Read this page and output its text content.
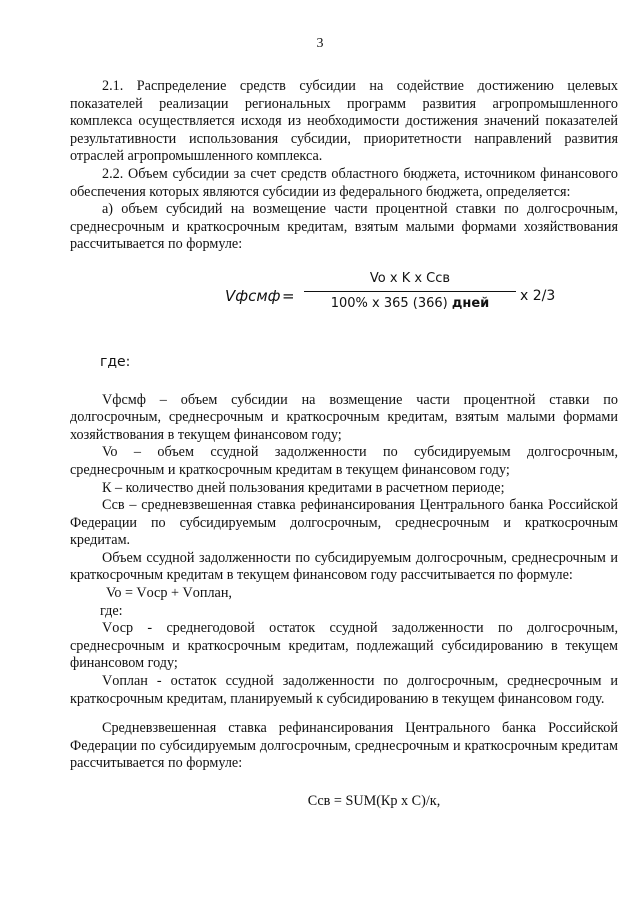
3

2.1. Распределение средств субсидии на содействие достижению целевых показателей реализации региональных программ развития агропромышленного комплекса осуществляется исходя из необходимости достижения значений показателей результативности использования субсидии, приоритетности направлений развития отраслей агропромышленного комплекса.

2.2. Объем субсидии за счет средств областного бюджета, источником финансового обеспечения которых являются субсидии из федерального бюджета, определяется:

а) объем субсидий на возмещение части процентной ставки по долгосрочным, среднесрочным и краткосрочным кредитам, взятым малыми формами хозяйствования рассчитывается по формуле:

Vфсмф =
Vo x K x Ccв
100% x 365 (366) дней	x 2/3
где:

Vфсмф – объем субсидии на возмещение части процентной ставки по долгосрочным, среднесрочным и краткосрочным кредитам, взятым малыми формами хозяйствования в текущем финансовом году;

Vo – объем ссудной задолженности по субсидируемым долгосрочным, среднесрочным и краткосрочным кредитам в текущем финансовом году;

К – количество дней пользования кредитами в расчетном периоде;

Ссв – средневзвешенная ставка рефинансирования Центрального банка Российской Федерации по субсидируемым долгосрочным, среднесрочным и краткосрочным кредитам.

Объем ссудной задолженности по субсидируемым долгосрочным, среднесрочным и краткосрочным кредитам в текущем финансовом году рассчитывается по формуле:

Vo = Vоср + Vоплан,
где:

Vоср - среднегодовой остаток ссудной задолженности по долгосрочным, среднесрочным и краткосрочным кредитам, подлежащий субсидированию в текущем финансовом году;

Vоплан - остаток ссудной задолженности по долгосрочным, среднесрочным и краткосрочным кредитам, планируемый к субсидированию в текущем финансовом году.

Средневзвешенная ставка рефинансирования Центрального банка Российской Федерации по субсидируемым долгосрочным, среднесрочным и краткосрочным кредитам рассчитывается по формуле:

Ссв = SUM(Кр х С)/к,
